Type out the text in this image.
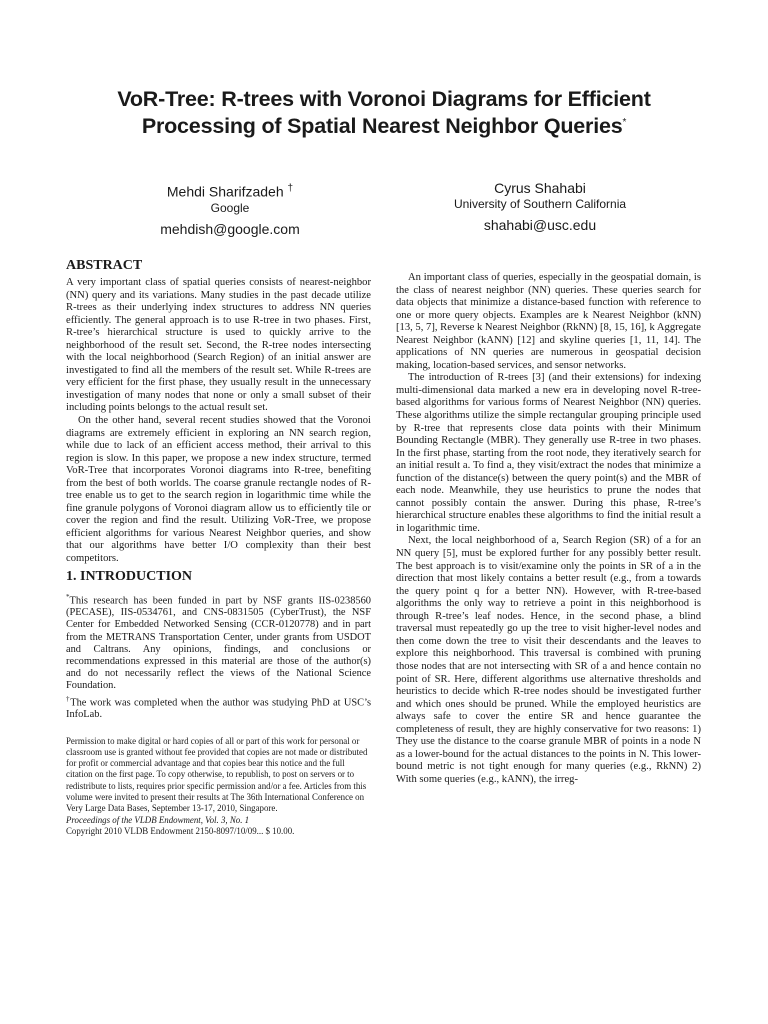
VoR-Tree: R-trees with Voronoi Diagrams for Efficient
Processing of Spatial Nearest Neighbor Queries*
Mehdi Sharifzadeh †
Google
mehdish@google.com
Cyrus Shahabi
University of Southern California
shahabi@usc.edu
ABSTRACT

A very important class of spatial queries consists of nearest-neighbor (NN) query and its variations. Many studies in the past decade utilize R-trees as their underlying index structures to address NN queries efficiently. The general approach is to use R-tree in two phases. First, R-tree’s hierarchical structure is used to quickly arrive to the neighborhood of the result set. Second, the R-tree nodes intersecting with the local neighborhood (Search Region) of an initial answer are investigated to find all the members of the result set. While R-trees are very efficient for the first phase, they usually result in the unnecessary investigation of many nodes that none or only a small subset of their including points belongs to the actual result set.

On the other hand, several recent studies showed that the Voronoi diagrams are extremely efficient in exploring an NN search region, while due to lack of an efficient access method, their arrival to this region is slow. In this paper, we propose a new index structure, termed VoR-Tree that incorporates Voronoi diagrams into R-tree, benefiting from the best of both worlds. The coarse granule rectangle nodes of R-tree enable us to get to the search region in logarithmic time while the fine granule polygons of Voronoi diagram allow us to efficiently tile or cover the region and find the result. Utilizing VoR-Tree, we propose efficient algorithms for various Nearest Neighbor queries, and show that our algorithms have better I/O complexity than their best competitors.

1. INTRODUCTION

*This research has been funded in part by NSF grants IIS-0238560 (PECASE), IIS-0534761, and CNS-0831505 (CyberTrust), the NSF Center for Embedded Networked Sensing (CCR-0120778) and in part from the METRANS Transportation Center, under grants from USDOT and Caltrans. Any opinions, findings, and conclusions or recommendations expressed in this material are those of the author(s) and do not necessarily reflect the views of the National Science Foundation.

†The work was completed when the author was studying PhD at USC’s InfoLab.

Permission to make digital or hard copies of all or part of this work for personal or classroom use is granted without fee provided that copies are not made or distributed for profit or commercial advantage and that copies bear this notice and the full citation on the first page. To copy otherwise, to republish, to post on servers or to redistribute to lists, requires prior specific permission and/or a fee. Articles from this volume were invited to present their results at The 36th International Conference on Very Large Data Bases, September 13-17, 2010, Singapore.
Proceedings of the VLDB Endowment, Vol. 3, No. 1
Copyright 2010 VLDB Endowment 2150-8097/10/09... $ 10.00.

An important class of queries, especially in the geospatial domain, is the class of nearest neighbor (NN) queries. These queries search for data objects that minimize a distance-based function with reference to one or more query objects. Examples are k Nearest Neighbor (kNN) [13, 5, 7], Reverse k Nearest Neighbor (RkNN) [8, 15, 16], k Aggregate Nearest Neighbor (kANN) [12] and skyline queries [1, 11, 14]. The applications of NN queries are numerous in geospatial decision making, location-based services, and sensor networks.

The introduction of R-trees [3] (and their extensions) for indexing multi-dimensional data marked a new era in developing novel R-tree-based algorithms for various forms of Nearest Neighbor (NN) queries. These algorithms utilize the simple rectangular grouping principle used by R-tree that represents close data points with their Minimum Bounding Rectangle (MBR). They generally use R-tree in two phases. In the first phase, starting from the root node, they iteratively search for an initial result a. To find a, they visit/extract the nodes that minimize a function of the distance(s) between the query point(s) and the MBR of each node. Meanwhile, they use heuristics to prune the nodes that cannot possibly contain the answer. During this phase, R-tree’s hierarchical structure enables these algorithms to find the initial result a in logarithmic time.

Next, the local neighborhood of a, Search Region (SR) of a for an NN query [5], must be explored further for any possibly better result. The best approach is to visit/examine only the points in SR of a in the direction that most likely contains a better result (e.g., from a towards the query point q for a better NN). However, with R-tree-based algorithms the only way to retrieve a point in this neighborhood is through R-tree’s leaf nodes. Hence, in the second phase, a blind traversal must repeatedly go up the tree to visit higher-level nodes and then come down the tree to visit their descendants and the leaves to explore this neighborhood. This traversal is combined with pruning those nodes that are not intersecting with SR of a and hence contain no point of SR. Here, different algorithms use alternative thresholds and heuristics to decide which R-tree nodes should be investigated further and which ones should be pruned. While the employed heuristics are always safe to cover the entire SR and hence guarantee the completeness of result, they are highly conservative for two reasons: 1) They use the distance to the coarse granule MBR of points in a node N as a lower-bound for the actual distances to the points in N. This lower-bound metric is not tight enough for many queries (e.g., RkNN) 2) With some queries (e.g., kANN), the irreg-
